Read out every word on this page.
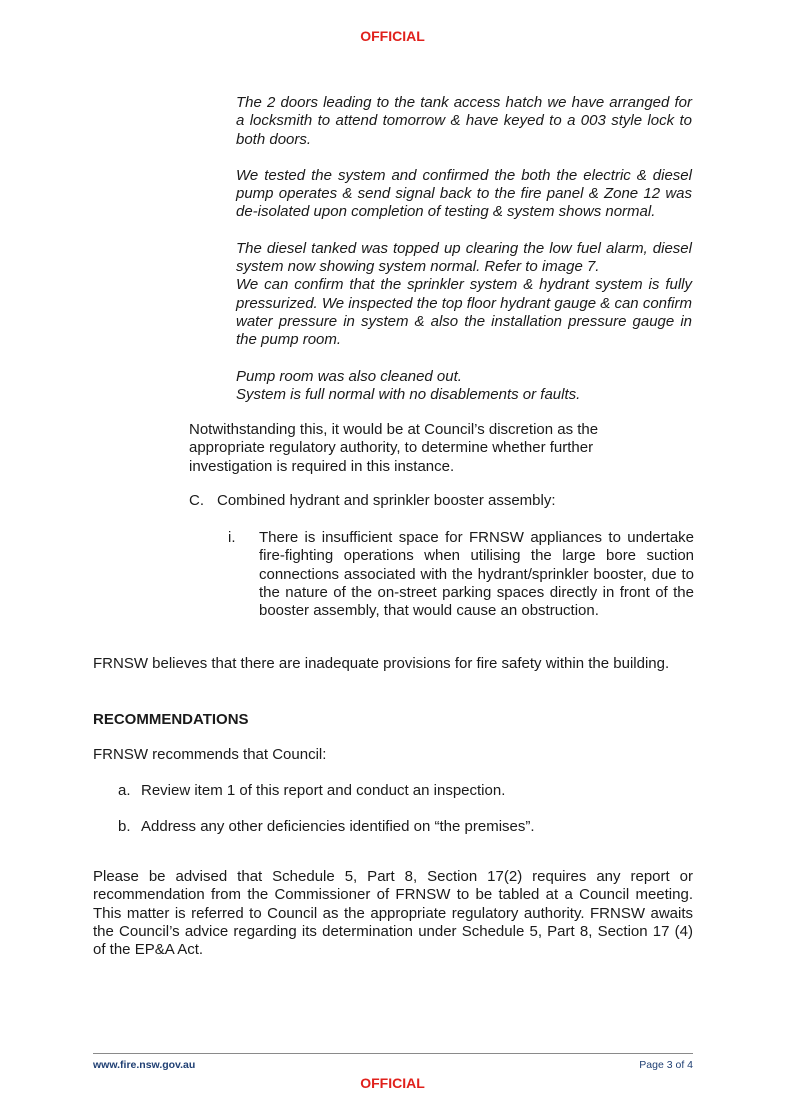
OFFICIAL

The 2 doors leading to the tank access hatch we have arranged for a locksmith to attend tomorrow & have keyed to a 003 style lock to both doors.

We tested the system and confirmed the both the electric & diesel pump operates & send signal back to the fire panel & Zone 12 was de-isolated upon completion of testing & system shows normal.

The diesel tanked was topped up clearing the low fuel alarm, diesel system now showing system normal. Refer to image 7.

We can confirm that the sprinkler system & hydrant system is fully pressurized. We inspected the top floor hydrant gauge & can confirm water pressure in system & also the installation pressure gauge in the pump room.

Pump room was also cleaned out.

System is full normal with no disablements or faults.

Notwithstanding this, it would be at Council’s discretion as the appropriate regulatory authority, to determine whether further investigation is required in this instance.
C. Combined hydrant and sprinkler booster assembly:
i. There is insufficient space for FRNSW appliances to undertake fire-fighting operations when utilising the large bore suction connections associated with the hydrant/sprinkler booster, due to the nature of the on-street parking spaces directly in front of the booster assembly, that would cause an obstruction.
FRNSW believes that there are inadequate provisions for fire safety within the building.
RECOMMENDATIONS
FRNSW recommends that Council:
a. Review item 1 of this report and conduct an inspection.
b. Address any other deficiencies identified on “the premises”.
Please be advised that Schedule 5, Part 8, Section 17(2) requires any report or recommendation from the Commissioner of FRNSW to be tabled at a Council meeting. This matter is referred to Council as the appropriate regulatory authority. FRNSW awaits the Council’s advice regarding its determination under Schedule 5, Part 8, Section 17 (4) of the EP&A Act.
www.fire.nsw.gov.au	Page 3 of 4
OFFICIAL
